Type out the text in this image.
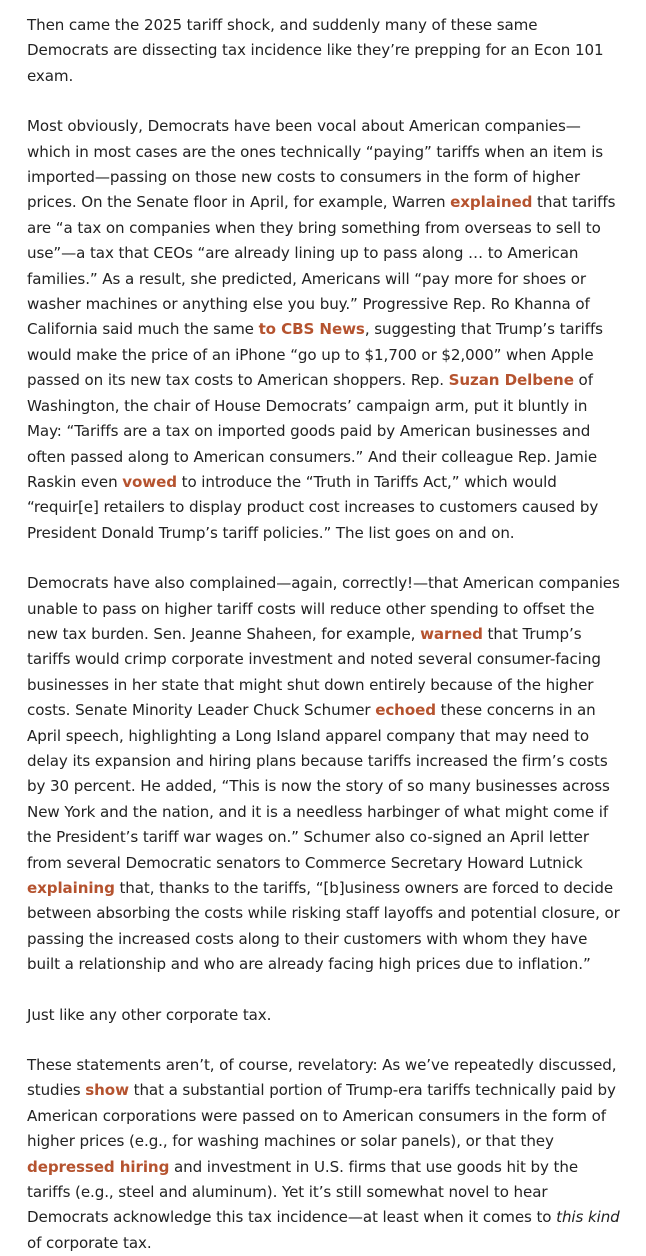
Then came the 2025 tariff shock, and suddenly many of these same Democrats are dissecting tax incidence like they’re prepping for an Econ 101 exam.

Most obviously, Democrats have been vocal about American companies—which in most cases are the ones technically “paying” tariffs when an item is imported—passing on those new costs to consumers in the form of higher prices. On the Senate floor in April, for example, Warren explained that tariffs are “a tax on companies when they bring something from overseas to sell to use”—a tax that CEOs “are already lining up to pass along … to American families.” As a result, she predicted, Americans will “pay more for shoes or washer machines or anything else you buy.” Progressive Rep. Ro Khanna of California said much the same to CBS News, suggesting that Trump’s tariffs would make the price of an iPhone “go up to $1,700 or $2,000” when Apple passed on its new tax costs to American shoppers. Rep. Suzan Delbene of Washington, the chair of House Democrats’ campaign arm, put it bluntly in May: “Tariffs are a tax on imported goods paid by American businesses and often passed along to American consumers.” And their colleague Rep. Jamie Raskin even vowed to introduce the “Truth in Tariffs Act,” which would “requir[e] retailers to display product cost increases to customers caused by President Donald Trump’s tariff policies.” The list goes on and on.

Democrats have also complained—again, correctly!—that American companies unable to pass on higher tariff costs will reduce other spending to offset the new tax burden. Sen. Jeanne Shaheen, for example, warned that Trump’s tariffs would crimp corporate investment and noted several consumer-facing businesses in her state that might shut down entirely because of the higher costs. Senate Minority Leader Chuck Schumer echoed these concerns in an April speech, highlighting a Long Island apparel company that may need to delay its expansion and hiring plans because tariffs increased the firm’s costs by 30 percent. He added, “This is now the story of so many businesses across New York and the nation, and it is a needless harbinger of what might come if the President’s tariff war wages on.” Schumer also co-signed an April letter from several Democratic senators to Commerce Secretary Howard Lutnick explaining that, thanks to the tariffs, “[b]usiness owners are forced to decide between absorbing the costs while risking staff layoffs and potential closure, or passing the increased costs along to their customers with whom they have built a relationship and who are already facing high prices due to inflation.”

Just like any other corporate tax.

These statements aren’t, of course, revelatory: As we’ve repeatedly discussed, studies show that a substantial portion of Trump-era tariffs technically paid by American corporations were passed on to American consumers in the form of higher prices (e.g., for washing machines or solar panels), or that they depressed hiring and investment in U.S. firms that use goods hit by the tariffs (e.g., steel and aluminum). Yet it’s still somewhat novel to hear Democrats acknowledge this tax incidence—at least when it comes to this kind of corporate tax.
